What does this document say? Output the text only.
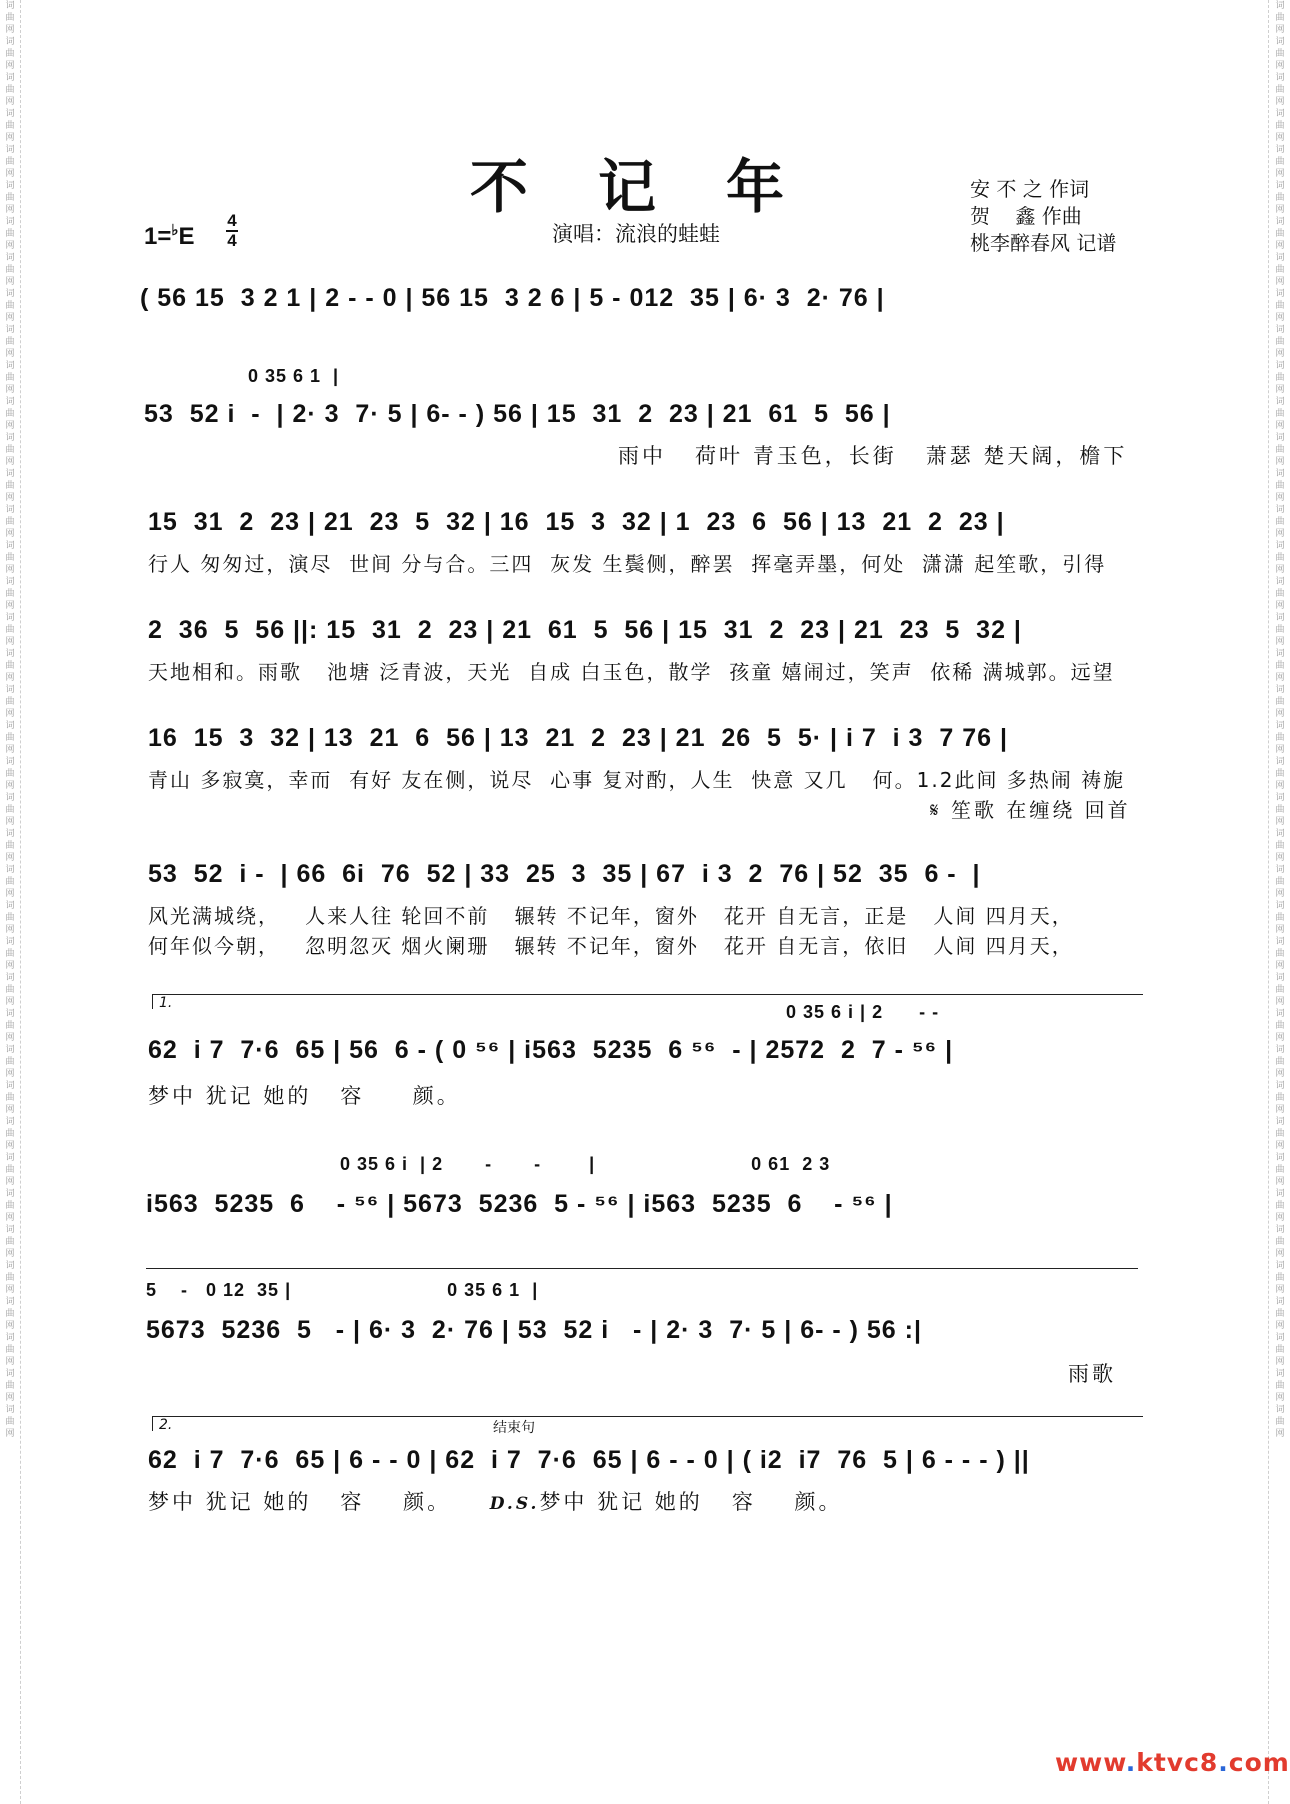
词曲网词曲网词曲网词曲网词曲网词曲网词曲网词曲网词曲网词曲网词曲网词曲网词曲网词曲网词曲网词曲网词曲网词曲网词曲网词曲网词曲网词曲网词曲网词曲网词曲网词曲网词曲网词曲网词曲网词曲网词曲网词曲网词曲网词曲网词曲网词曲网词曲网词曲网词曲网词曲网
词曲网词曲网词曲网词曲网词曲网词曲网词曲网词曲网词曲网词曲网词曲网词曲网词曲网词曲网词曲网词曲网词曲网词曲网词曲网词曲网词曲网词曲网词曲网词曲网词曲网词曲网词曲网词曲网词曲网词曲网词曲网词曲网词曲网词曲网词曲网词曲网词曲网词曲网词曲网词曲网
不记年	安 不 之 作词
贺    鑫 作曲
桃李醉春风 记谱
1=♭E
4
4	演唱：流浪的蛙蛙
( 56 15  3 2 1 | 2 - - 0 | 56 15  3 2 6 | 5 - 012  35 | 6· 3  2· 76 |
0 35 6 1  |
53  52 i  -  | 2· 3  7· 5 | 6- - ) 56 | 15  31  2  23 | 21  61  5  56 |
雨中   荷叶 青玉色，长街   萧瑟 楚天阔，檐下
15  31  2  23 | 21  23  5  32 | 16  15  3  32 | 1  23  6  56 | 13  21  2  23 |
行人 匆匆过，演尽  世间 分与合。三四  灰发 生鬓侧，醉罢  挥毫弄墨，何处  潇潇 起笙歌，引得
2  36  5  56 ||: 15  31  2  23 | 21  61  5  56 | 15  31  2  23 | 21  23  5  32 |
天地相和。雨歌   池塘 泛青波，天光  自成 白玉色，散学  孩童 嬉闹过，笑声  依稀 满城郭。远望
16  15  3  32 | 13  21  6  56 | 13  21  2  23 | 21  26  5  5· | i 7  i 3  7 76 |
青山 多寂寞，幸而  有好 友在侧，说尽  心事 复对酌，人生  快意 又几   何。1.2此间 多热闹 祷旎
𝄋 笙歌 在缠绕 回首
53  52  i -  | 66  6i  76  52 | 33  25  3  35 | 67  i 3  2  76 | 52  35  6 -  |
风光满城绕，   人来人往 轮回不前   辗转 不记年，窗外   花开 自无言，正是   人间 四月天，
何年似今朝，   忽明忽灭 烟火阑珊   辗转 不记年，窗外   花开 自无言，依旧   人间 四月天，
1.	0 35 6 i | 2      - -
62  i 7  7·6  65 | 56  6 - ( 0 ⁵⁶ | i563  5235  6 ⁵⁶  - | 2572  2  7 - ⁵⁶ |
梦中 犹记 她的   容     颜。
0 35 6 i  | 2       -       -        |                          0 61  2 3
i563  5235  6    - ⁵⁶ | 5673  5236  5 - ⁵⁶ | i563  5235  6    - ⁵⁶ |
5    -   0 12  35 |                          0 35 6 1  |
5673  5236  5   - | 6· 3  2· 76 | 53  52 i   - | 2· 3  7· 5 | 6- - ) 56 :|
雨歌
2.	结束句
62  i 7  7·6  65 | 6 - - 0 | 62  i 7  7·6  65 | 6 - - 0 | ( i2  i7  76  5 | 6 - - - ) ||
梦中 犹记 她的   容    颜。    D.S.梦中 犹记 她的   容    颜。
www.ktvc8.com
